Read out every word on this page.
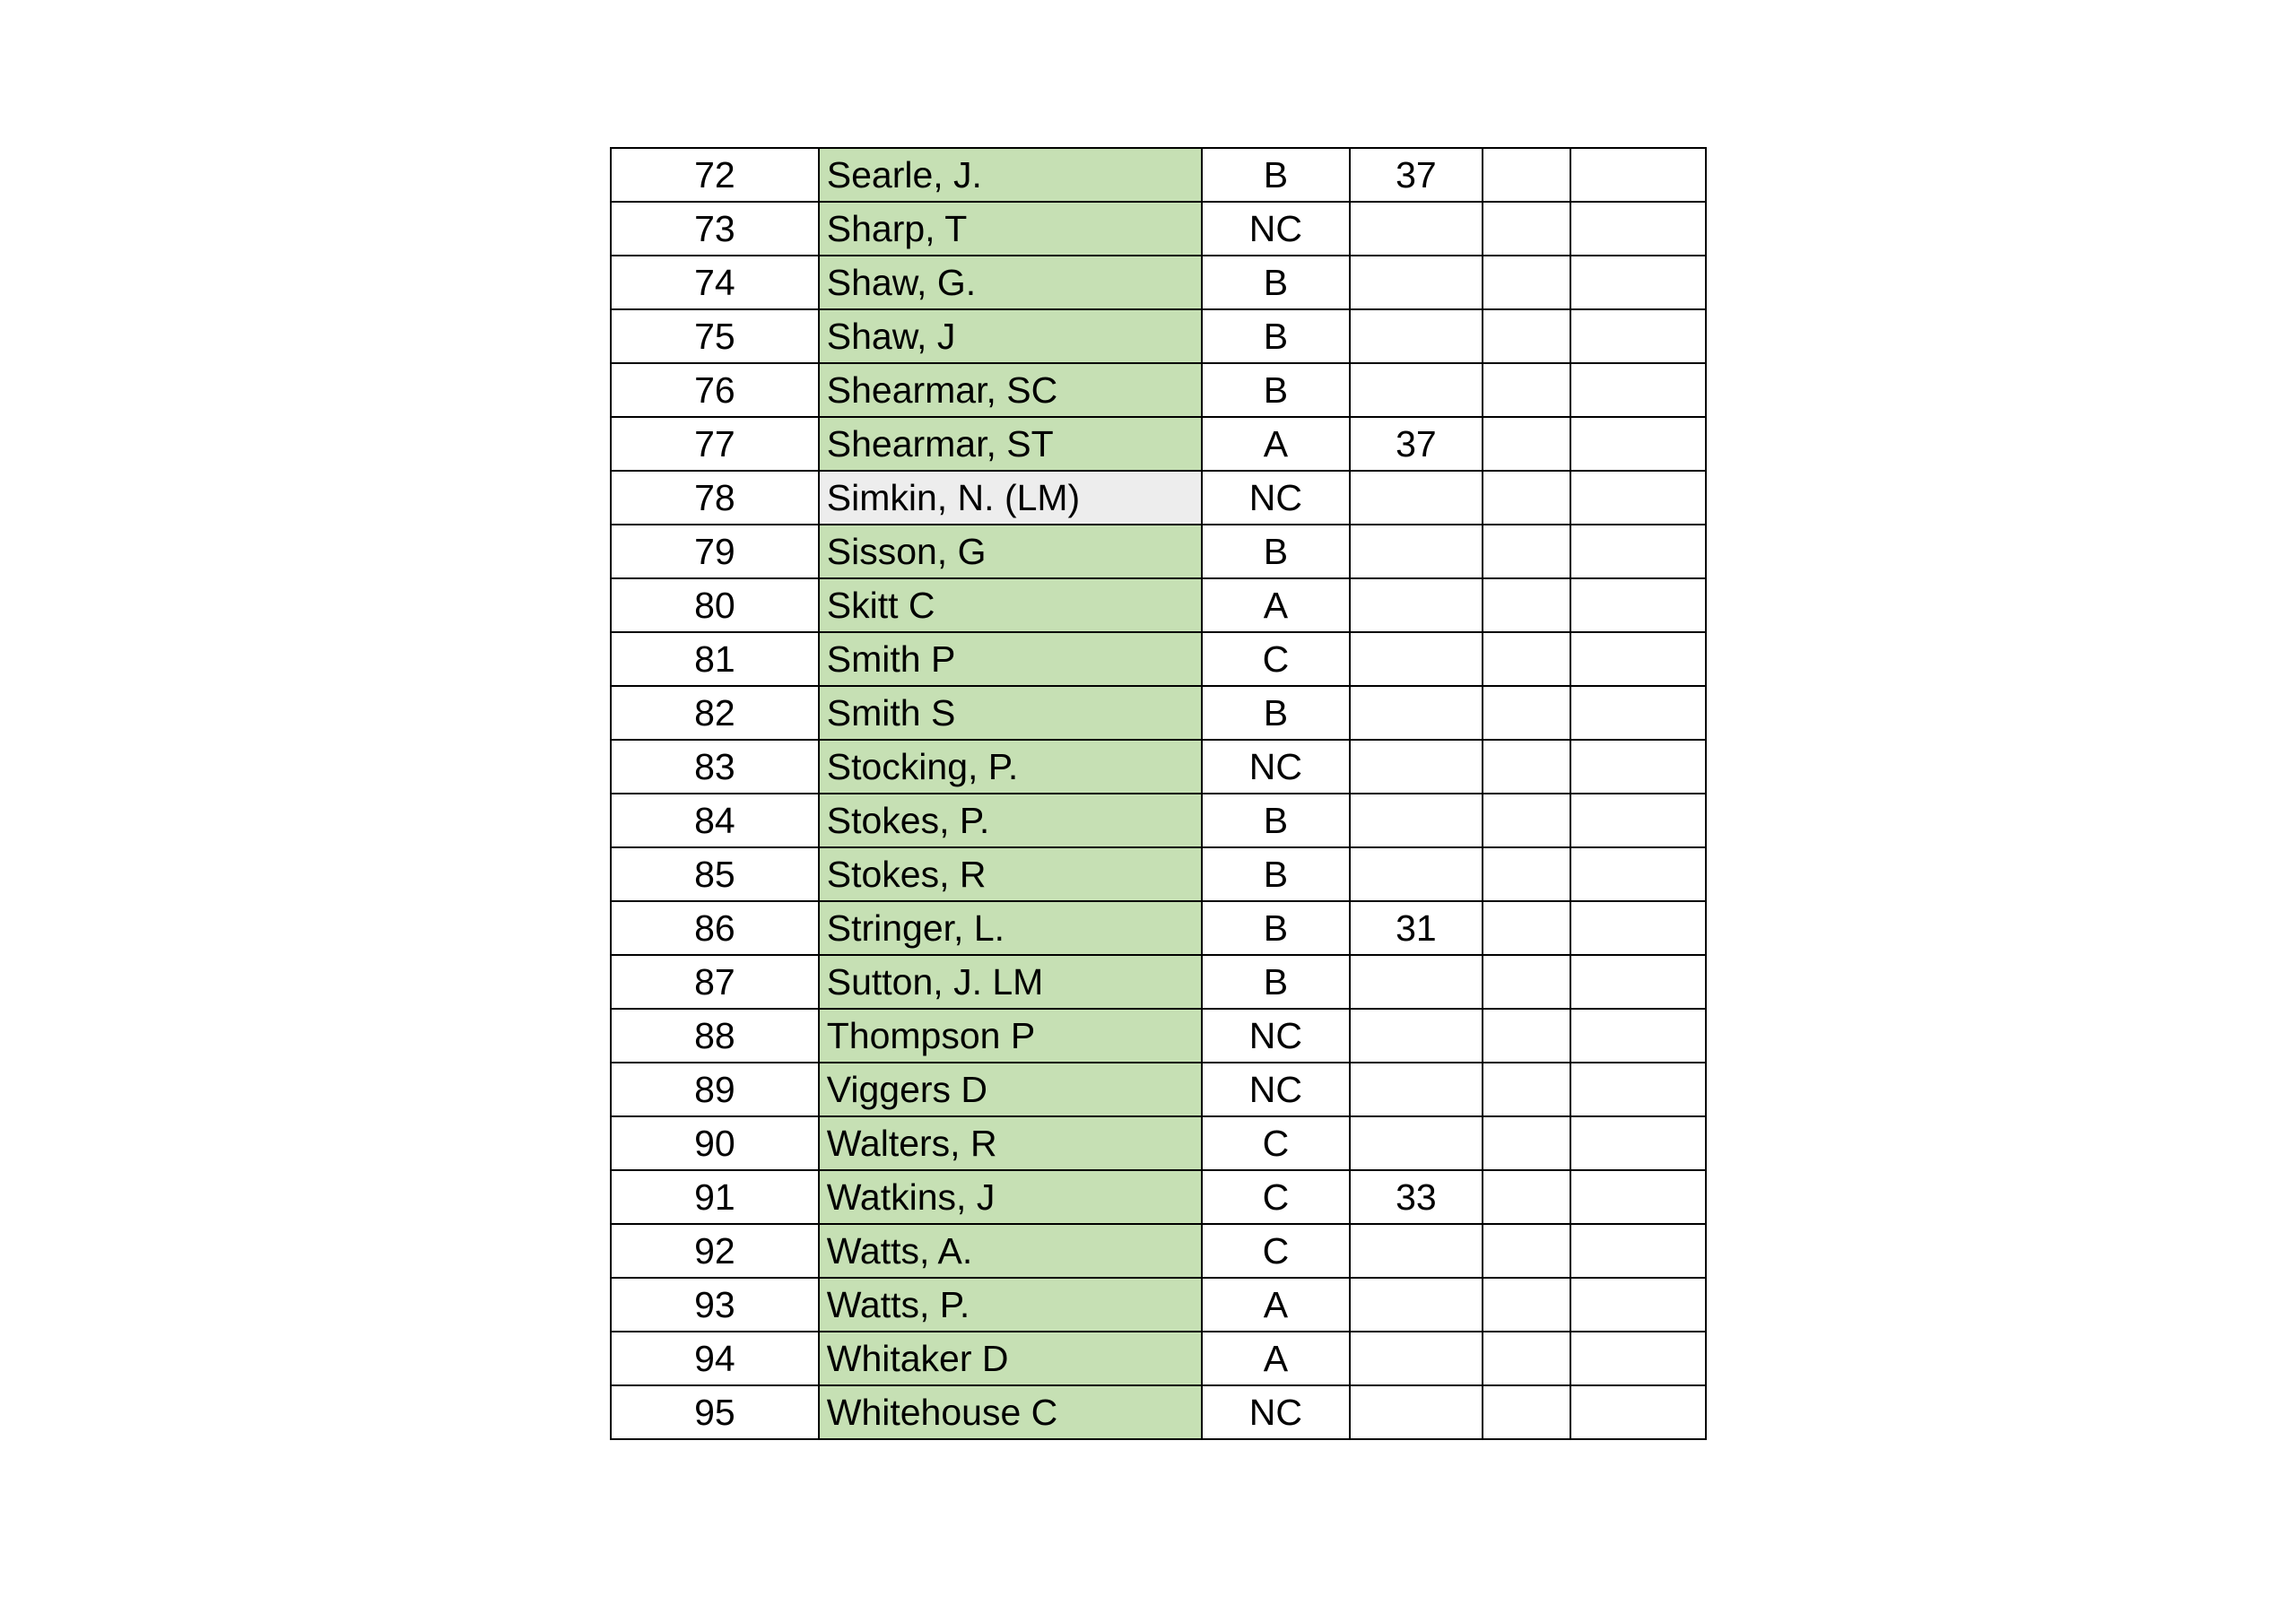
72	Searle, J.	B	37		
73	Sharp, T	NC			
74	Shaw, G.	B			
75	Shaw, J	B			
76	Shearmar, SC	B			
77	Shearmar, ST	A	37		
78	Simkin, N. (LM)	NC			
79	Sisson, G	B			
80	Skitt C	A			
81	Smith P	C			
82	Smith S	B			
83	Stocking, P.	NC			
84	Stokes, P.	B			
85	Stokes, R	B			
86	Stringer, L.	B	31		
87	Sutton, J. LM	B			
88	Thompson P	NC			
89	Viggers D	NC			
90	Walters, R	C			
91	Watkins, J	C	33		
92	Watts, A.	C			
93	Watts, P.	A			
94	Whitaker D	A			
95	Whitehouse C	NC			
